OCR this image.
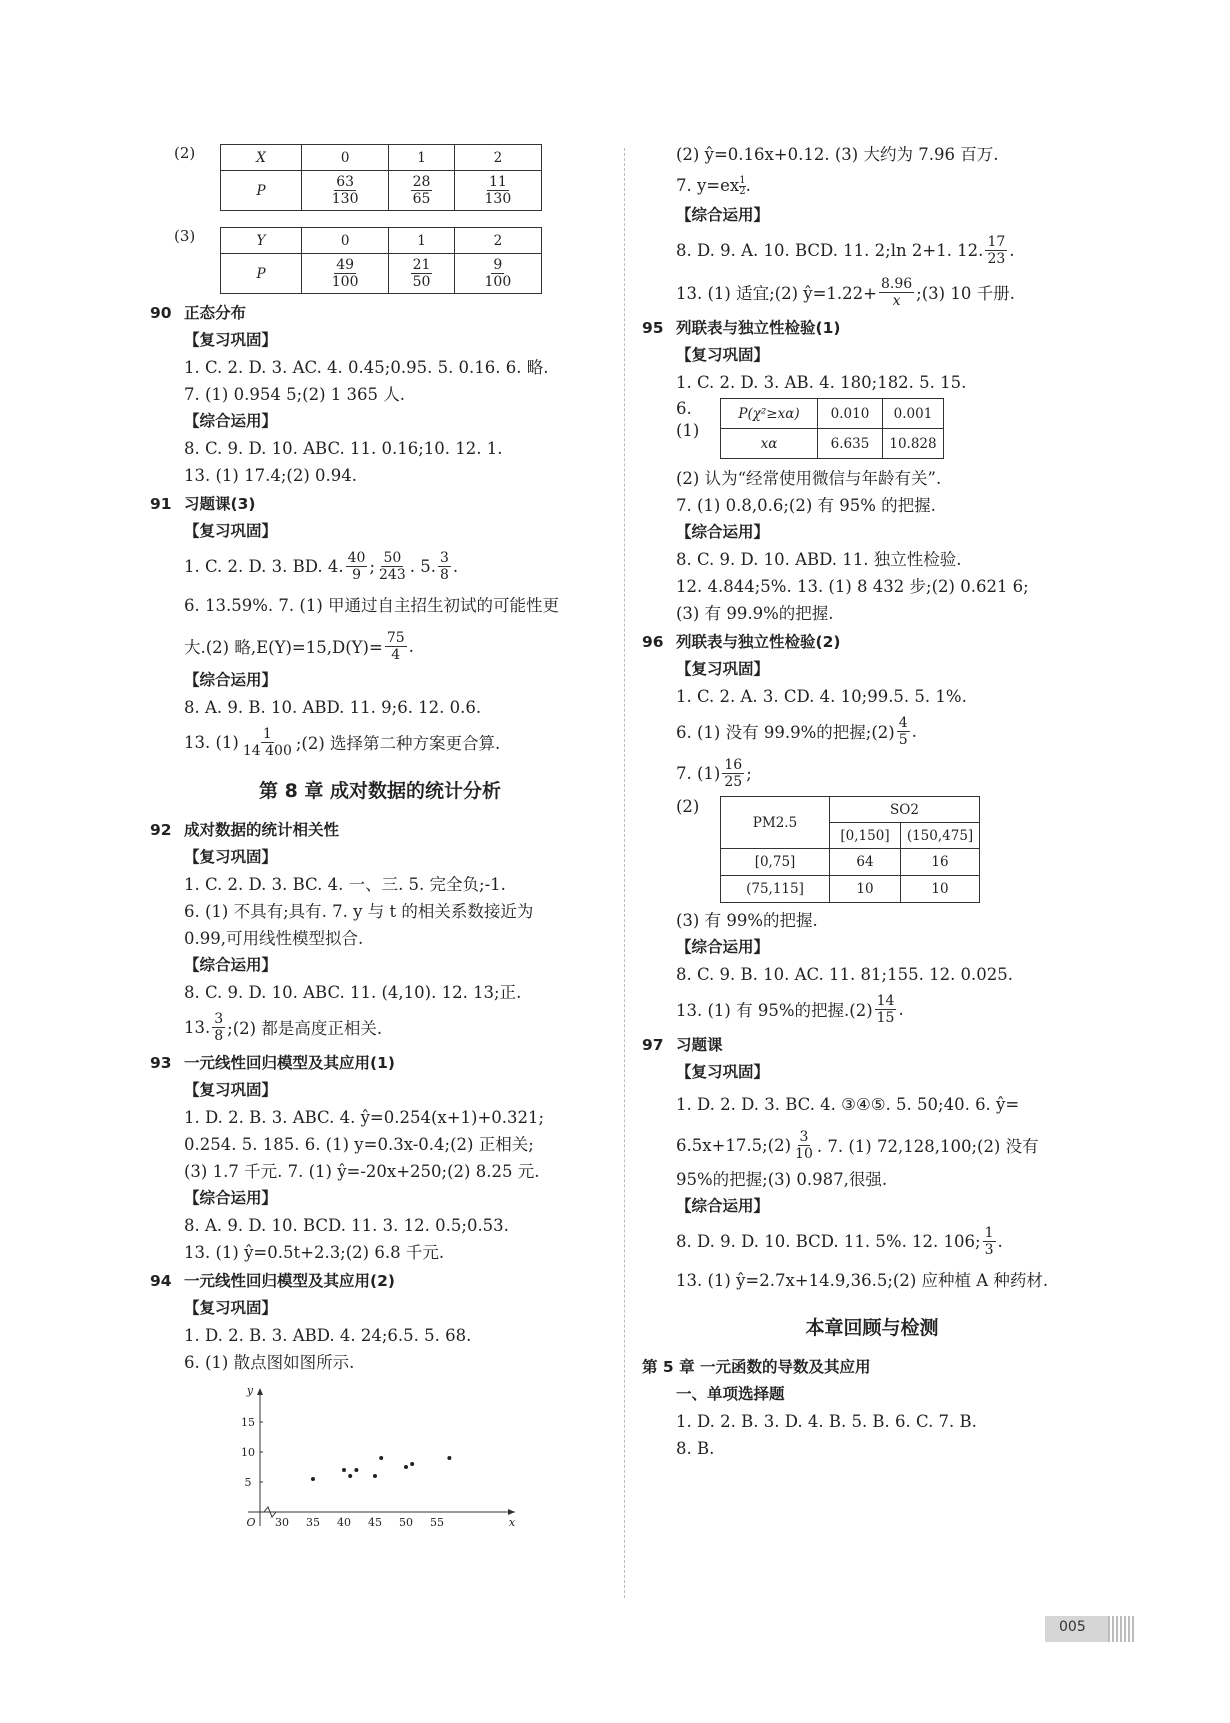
(2)	X	0	1	2
P	$\frac{63}{130}$	$\frac{28}{65}$	$\frac{11}{130}$
(3)	Y	0	1	2
P	$\frac{49}{100}$	$\frac{21}{50}$	$\frac{9}{100}$
90 正态分布
【复习巩固】
1. C. 2. D. 3. AC. 4. 0.45;0.95. 5. 0.16. 6. 略.
7. (1) 0.954 5;(2) 1 365 人.
【综合运用】
8. C. 9. D. 10. ABC. 11. 0.16;10. 12. 1.
13. (1) 17.4;(2) 0.94.
91 习题课(3)
【复习巩固】
1. C. 2. D. 3. BD. 4. $\frac{40}{9}$ ; $\frac{50}{243}$ . 5. $\frac{3}{8}$ .
6. 13.59%. 7. (1) 甲通过自主招生初试的可能性更
大.(2) 略$,E(Y)=15,D(Y)= \frac{75}{4}$ .
【综合运用】
8. A. 9. B. 10. ABD. 11. 9;6. 12. 0.6.
13. $(1) \frac{1}{14 400}$ ;(2) 选择第二种方案更合算.
第 8 章 成对数据的统计分析
92 成对数据的统计相关性
【复习巩固】
1. C. 2. D. 3. BC. 4. 一、三. 5. 完全负;-1.
6. (1) 不具有;具有. 7. y 与 t 的相关系数接近为
0.99,可用线性模型拟合.
【综合运用】
8. C. 9. D. 10. ABC. 11. (4,10). 12. 13;正.
13. $\frac{3}{8}$ ;(2) 都是高度正相关.
93 一元线性回归模型及其应用(1)
【复习巩固】
1. D. 2. B. 3. ABC. 4. ŷ=0.254(x+1)+0.321;
0.254. 5. 185. 6. (1) y=0.3x-0.4;(2) 正相关;
(3) 1.7 千元. 7. (1) ŷ=-20x+250;(2) 8.25 元.
【综合运用】
8. A. 9. D. 10. BCD. 11. 3. 12. 0.5;0.53.
13. (1) ŷ=0.5t+2.3;(2) 6.8 千元.
94 一元线性回归模型及其应用(2)
【复习巩固】
1. D. 2. B. 3. ABD. 4. 24;6.5. 5. 68.
6. (1) 散点图如图所示.
30 35 40 45 50 55
5
10
15
O	x
y
(2) ŷ=0.16x+0.12. (3) 大约为 7.96 百万.
7. y=ex $^{\frac{1}{2}}$ .
【综合运用】
8. D. 9. A. 10. BCD. 11. 2;ln 2+1. 12. $\frac{17}{23}$ .
13. (1) 适宜;(2) ŷ=1.22+ $\frac{8.96}{x}$ ;(3) 10 千册.
95 列联表与独立性检验(1)
【复习巩固】
1. C. 2. D. 3. AB. 4. 180;182. 5. 15.
6. (1)
P(χ²≥xα)	0.010	0.001
xα	6.635	10.828
(2) 认为“经常使用微信与年龄有关”.
7. (1) 0.8,0.6;(2) 有 95% 的把握.
【综合运用】
8. C. 9. D. 10. ABD. 11. 独立性检验.
12. 4.844;5%. 13. (1) 8 432 步;(2) 0.621 6;
(3) 有 99.9%的把握.
96 列联表与独立性检验(2)
【复习巩固】
1. C. 2. A. 3. CD. 4. 10;99.5. 5. 1%.
6. (1) 没有 99.9%的把握;(2) $\frac{4}{5}$ .
7. $(1) \frac{16}{25}$ ;
(2)
PM2.5	SO2	
	[0,150]	(150,475]
[0,75]	64	16
(75,115]	10	10
(3) 有 99%的把握.
【综合运用】
8. C. 9. B. 10. AC. 11. 81;155. 12. 0.025.
13. (1) 有 95%的把握$.(2) \frac{14}{15}$ .
97 习题课
【复习巩固】
1. D. 2. D. 3. BC. 4. ③④⑤. 5. 50;40. 6. ŷ=
6.5x+17.5;(2) $\frac{3}{10}$ . 7. (1) 72,128,100;(2) 没有
95%的把握;(3) 0.987,很强.
【综合运用】
8. D. 9. D. 10. BCD. 11. 5%. 12. 106; $\frac{1}{3}$ .
13. (1) ŷ=2.7x+14.9,36.5;(2) 应种植 A 种药材.
本章回顾与检测
第 5 章 一元函数的导数及其应用
一、单项选择题
1. D. 2. B. 3. D. 4. B. 5. B. 6. C. 7. B.
8. B.
005
